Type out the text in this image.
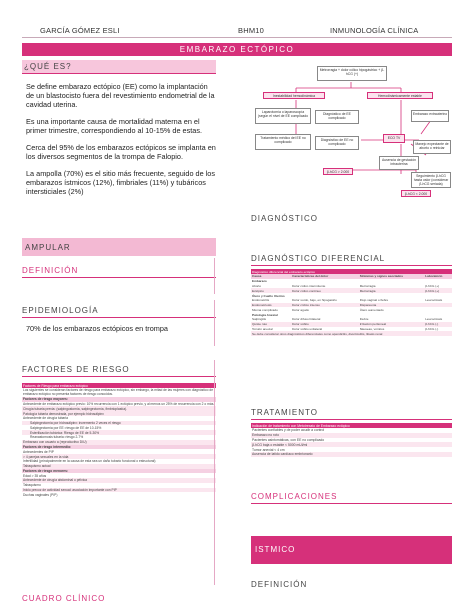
GARCÍA GÓMEZ ESLI	BHM10	INMUNOLOGÍA CLÍNICA
EMBARAZO ECTÓPICO
¿QUÉ ES?

Se define embarazo ectópico (EE) como la implantación de un blastocisto fuera del revestimiento endometrial de la cavidad uterina.

Es una importante causa de mortalidad materna en el primer trimestre, correspondiendo al 10-15% de estas.

Cerca del 95% de los embarazos ectópicos se implanta en los diversos segmentos de la trompa de Falopio.

La ampolla (70%) es el sitio más frecuente, seguido de los embarazos ístmicos (12%), fimbriales (11%) y tubáricos intersticiales (2%)

AMPULAR
DEFINICIÓN
EPIDEMIOLOGÍA

70% de los embarazos ectópicos en trompa

FACTORES DE RIESGO
Factores de Riesgo para embarazo ectópico
Los siguientes se consideran factores de riesgo para embarazo ectópico, sin embargo, la mitad de las mujeres con diagnóstico de embarazo ectópico no presenta factores de riesgo conocidos.
Factores de riesgo mayores:
Antecedente de embarazo ectópico previo: 10% recurrencia con 1 ectópico previo, y al menos un 25% de recurrencia con 2 o más.
Cirugía tubaria previa: (salpingostomía, salpingectomía, fimbrioplastía).
Patología tubaria demostrada, por ejemplo hidrosálpinx
Antecedente de cirugía tubaria
Salpingectomía por hidrosálpinx: incremento 2 veces el riesgo
Salpingectomía por EE: riesgo de EE de 10-15%
Esterilización tubárica: Riesgo de EE de 5-30%
Reanastomosis tubaria: riesgo 2-7%
Embarazo con usuario a (reproductivo DIU)
Factores de riesgo intermedio:
Antecedentes de PIP
> 4 parejas sexuales en la vida
Infertilidad (principalmente en la causa de esta sea un daño tubario funcional o estructural)
Tabaquismo actual
Factores de riesgo menores:
Edad > 35 años
Antecedente de cirugía abdominal o pélvica
Tabaquismo
Inicio precoz de actividad sexual: asociación importante con PIP
Duchas vaginales (PIP)
CUADRO CLÍNICO
Metrorragia + dolor cólico hipogástrico + β-hCG (+)
Inestabilidad hemodinámica	Hemodinámicamente estable
Laparotomía o laparoscopía (según el nivel de EE complicado	Diagnóstico de EE complicado
Tratamiento médico del EE no complicado	Diagnóstico de EE no complicado
ECO TV
Embarazo extrauterino
Manejo expectante de aborto o reiniciar
Ausencia de gestación intrauterina
Seguimiento β-hCG hasta valor (considerar β-hCG seriada)
β-hCG > 2.000
β-hCG < 2.000
DIAGNÓSTICO
DIAGNÓSTICO DIFERENCIAL
Diagnóstico diferencial del embarazo ectópico			
Causa	Características del dolor	Síntomas y signos asociados	Laboratorio
Embarazo			
Aborto	Dolor cólico intermitente	Metrorragia	β-hCG (+)
Ectópico	Dolor cólico continuo	Metrorragia	β-hCG (+)
Útero y Cuello Uterino			
Endometritis	Dolor sordo, bajo, en hipogastrio	Flujo vaginal o fiebre	Leucocitosis
Endometriosis	Dolor cíclico intenso	Dispareunia	
Mioma complicado	Dolor agudo	Útero aumentado	
Patología Anexial			
Salpingitis	Dolor difuso bilateral	Fiebre	Leucocitosis
Quiste roto	Dolor súbito	Irritación peritoneal	β-hCG (-)
Torsión anexial	Dolor súbito unilateral	Náuseas, vómitos	β-hCG (-)
Se debe considerar otros diagnósticos diferenciales como apendicitis, diverticulitis, litiasis renal			
TRATAMIENTO
Indicación de tratamiento con Metotrexato de Embarazo ectópico
Pacientes confiables y de poder acudir a control
Embarazo no roto
Pacientes asintomáticas, con EE no complicado
β-hCG baja o estable < 5000 mUI/ml
Tumor anexial < 4 cm
Ausencia de latido cardíaco embrionario
COMPLICACIONES
ISTMICO
DEFINICIÓN
